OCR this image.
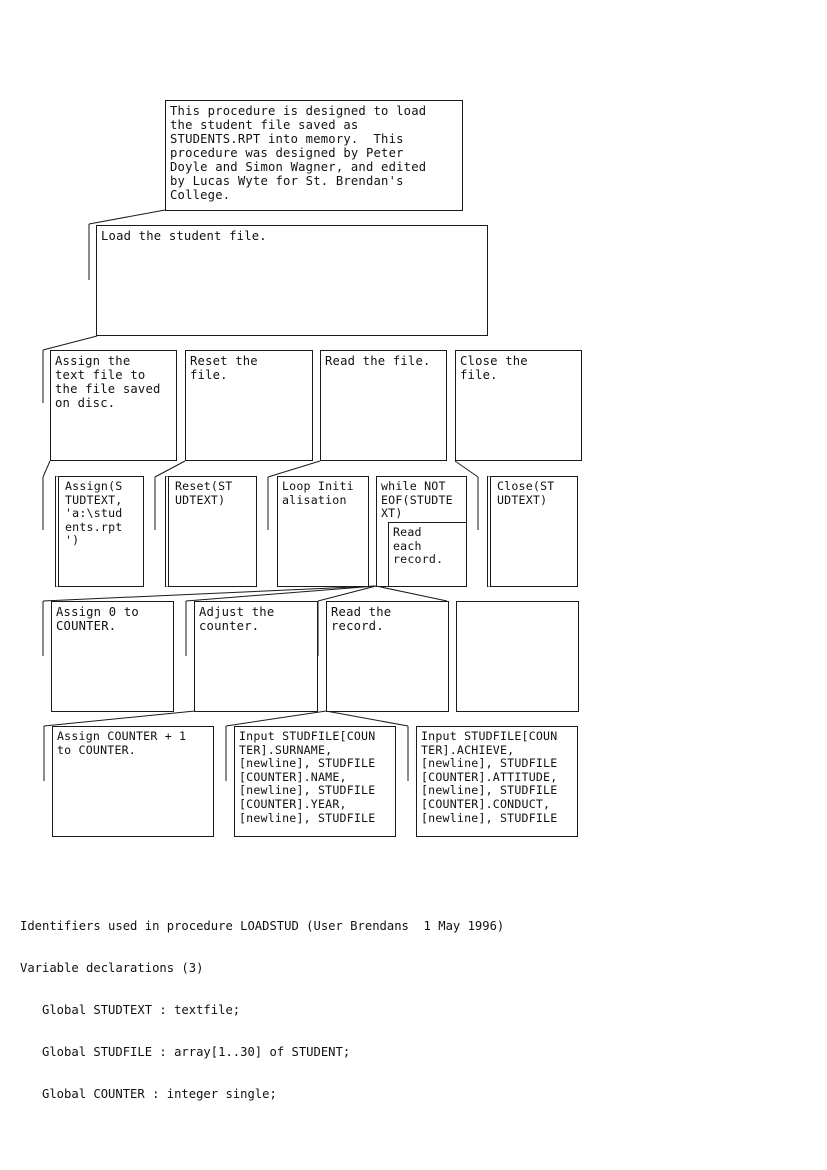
This procedure is designed to load
the student file saved as
STUDENTS.RPT into memory.  This
procedure was designed by Peter
Doyle and Simon Wagner, and edited
by Lucas Wyte for St. Brendan's
College.
Load the student file.
Assign the
text file to
the file saved
on disc.
Reset the
file.
Read the file.	Close the
file.
Assign(S
TUDTEXT,
'a:\stud
ents.rpt
')
Reset(ST
UDTEXT)
Loop Initi
alisation
while NOT
EOF(STUDTE
XT)
Read
each
record.
Close(ST
UDTEXT)
Assign 0 to
COUNTER.
Adjust the
counter.
Read the
record.
Assign COUNTER + 1
to COUNTER.
Input STUDFILE[COUN
TER].SURNAME,
[newline], STUDFILE
[COUNTER].NAME,
[newline], STUDFILE
[COUNTER].YEAR,
[newline], STUDFILE
Input STUDFILE[COUN
TER].ACHIEVE,
[newline], STUDFILE
[COUNTER].ATTITUDE,
[newline], STUDFILE
[COUNTER].CONDUCT,
[newline], STUDFILE

Identifiers used in procedure LOADSTUD (User Brendans  1 May 1996)

Variable declarations (3)

Global STUDTEXT : textfile;

Global STUDFILE : array[1..30] of STUDENT;

Global COUNTER : integer single;
